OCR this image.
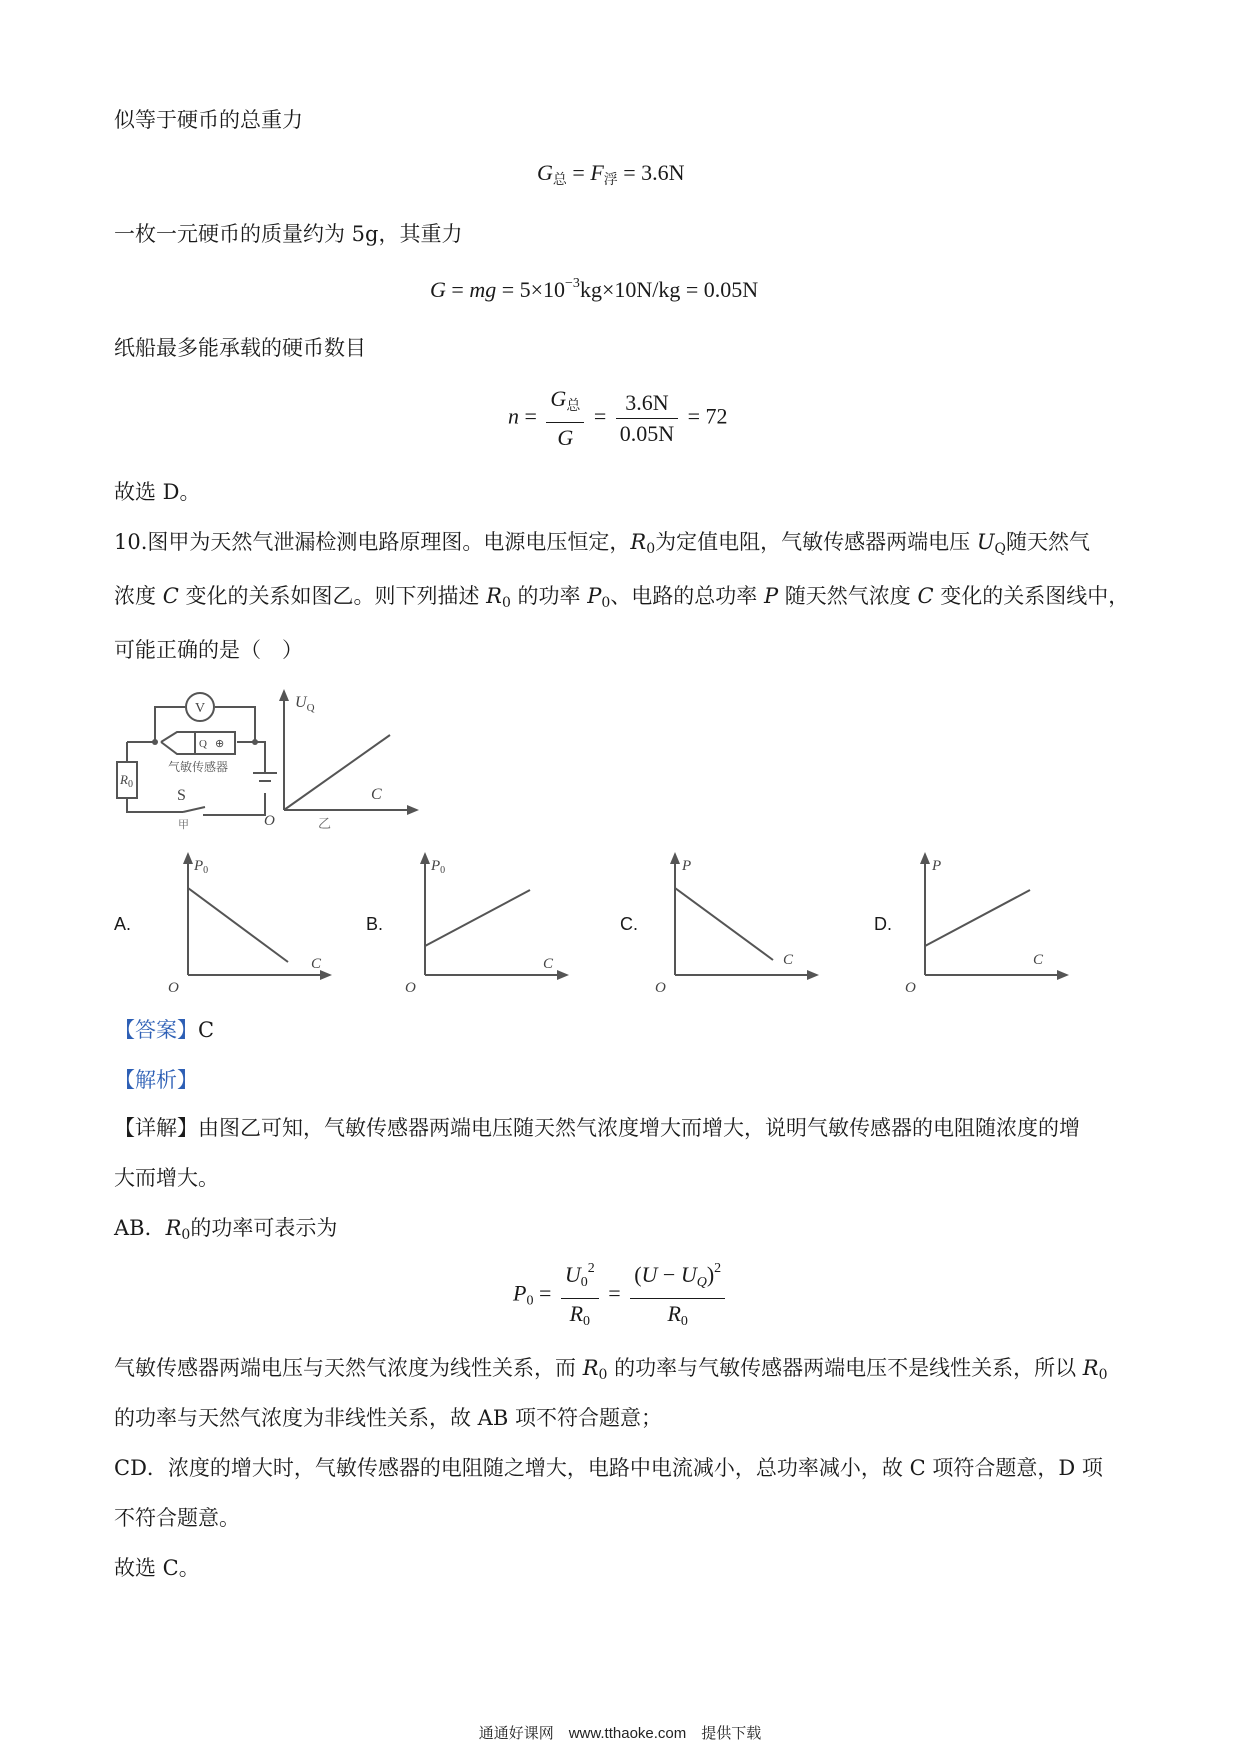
似等于硬币的总重力
$G_总 = F_浮 = 3.6N$
一枚一元硬币的质量约为 5g，其重力
G = mg = $5\times 10^{-3}kg\times 10N/kg = 0.05N$
纸船最多能承载的硬币数目
$n = \frac{G_总}{G} = \frac{3.6N}{0.05N} = 72$
故选 D。
10.图甲为天然气泄漏检测电路原理图。电源电压恒定，$R_0$为定值电阻，气敏传感器两端电压 $U_Q$随天然气
浓度 C 变化的关系如图乙。则下列描述 $R_0$ 的功率 $P_0$、电路的总功率 P 随天然气浓度 C 变化的关系图线中，
可能正确的是（　）
V
Q ⊕
气敏传感器
$R_0$
S
甲
$U_Q$
C
O	乙
A.
$P_0$
C
O
B.
$P_0$
C
O
C.
P
C
O
D.
P
C
O
【答案】C
【解析】
【详解】由图乙可知，气敏传感器两端电压随天然气浓度增大而增大，说明气敏传感器的电阻随浓度的增
大而增大。
AB．$R_0$的功率可表示为
$P_0 = \frac{U_0^2}{R_0} = \frac{(U - U_Q)^2}{R_0}$
气敏传感器两端电压与天然气浓度为线性关系，而 $R_0$ 的功率与气敏传感器两端电压不是线性关系，所以 $R_0$
的功率与天然气浓度为非线性关系，故 AB 项不符合题意；
CD．浓度的增大时，气敏传感器的电阻随之增大，电路中电流减小，总功率减小，故 C 项符合题意，D 项
不符合题意。
故选 C。
通通好课网　www.tthaoke.com　提供下载
